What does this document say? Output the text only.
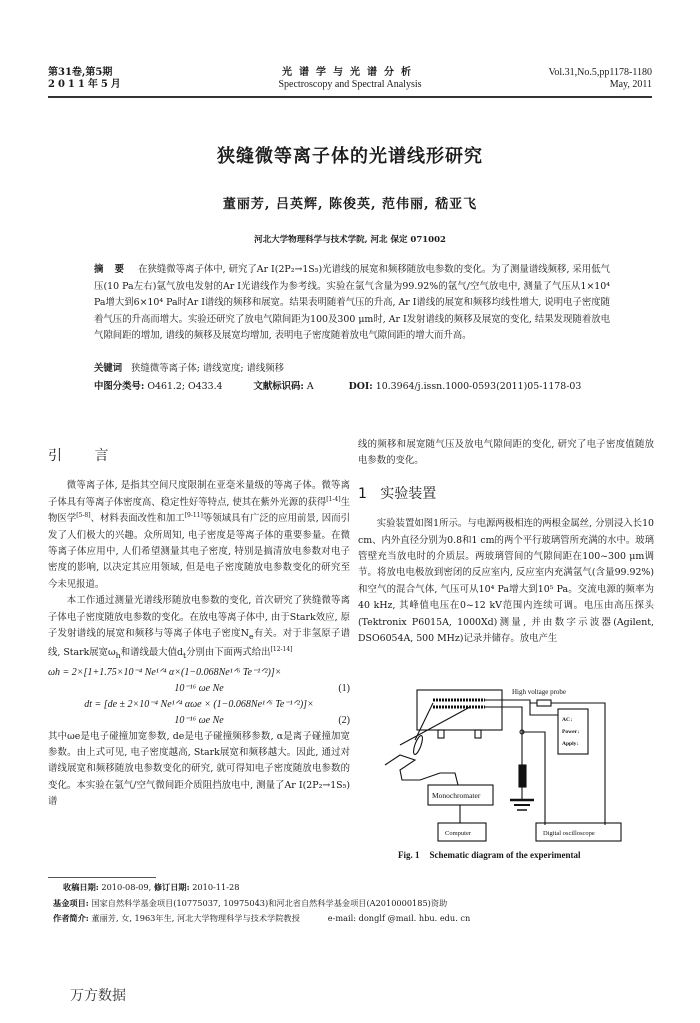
第31卷,第5期
2011年5月
光谱学与光谱分析
Spectroscopy and Spectral Analysis
Vol.31,No.5,pp1178-1180
May, 2011
狭缝微等离子体的光谱线形研究
董丽芳, 吕英辉, 陈俊英, 范伟丽, 嵇亚飞
河北大学物理科学与技术学院, 河北 保定 071002
摘 要 在狭缝微等离子体中, 研究了Ar Ⅰ(2P₂→1S₅)光谱线的展宽和频移随放电参数的变化。为了测量谱线频移, 采用低气压(10 Pa左右)氩气放电发射的Ar Ⅰ光谱线作为参考线。实验在氩气含量为99.92%的氩气/空气放电中, 测量了气压从1×10⁴ Pa增大到6×10⁴ Pa时Ar Ⅰ谱线的频移和展宽。结果表明随着气压的升高, Ar Ⅰ谱线的展宽和频移均线性增大, 说明电子密度随着气压的升高而增大。实验还研究了放电气隙间距为100及300 μm时, Ar Ⅰ发射谱线的频移及展宽的变化, 结果发现随着放电气隙间距的增加, 谱线的频移及展宽均增加, 表明电子密度随着放电气隙间距的增大而升高。
关键词 狭缝微等离子体; 谱线宽度; 谱线频移
中图分类号: O461.2; O433.4	文献标识码: A	DOI: 10.3964/j.issn.1000-0593(2011)05-1178-03
引 言
微等离子体, 是指其空间尺度限制在亚毫米量级的等离子体。微等离子体具有等离子体密度高、稳定性好等特点, 使其在紫外光源的获得[1-4]生物医学[5-8]、材料表面改性和加工[9-11]等领域具有广泛的应用前景, 因而引发了人们极大的兴趣。众所周知, 电子密度是等离子体的重要参量。在微等离子体应用中, 人们希望测量其电子密度, 特别是搞清放电参数对电子密度的影响, 以决定其应用领域, 但是电子密度随放电参数变化的研究至今未见报道。
本工作通过测量光谱线形随放电参数的变化, 首次研究了狭缝微等离子体电子密度随放电参数的变化。在放电等离子体中, 由于Stark效应, 原子发射谱线的展宽和频移与等离子体电子密度$N_e$有关。对于非氢原子谱线, Stark展宽$\omega_h$和谱线最大值$d_t$分别由下面两式给出[12-14]
ωh = 2×[1+1.75×10⁻⁴ Ne¹ᐟ⁴ α×(1−0.068Ne¹ᐟ⁶ Te⁻¹ᐟ²)]×
10⁻¹⁶ ωe Ne	(1)
dt = [de ± 2×10⁻⁴ Ne¹ᐟ⁴ αωe × (1−0.068Ne¹ᐟ⁶ Te⁻¹ᐟ²)]×
10⁻¹⁶ ωe Ne	(2)
其中ωe是电子碰撞加宽参数, de是电子碰撞频移参数, α是离子碰撞加宽参数。由上式可见, 电子密度越高, Stark展宽和频移越大。因此, 通过对谱线展宽和频移随放电参数变化的研究, 就可得知电子密度随放电参数的变化。本实验在氩气/空气微间距介质阻挡放电中, 测量了Ar Ⅰ(2P₂→1S₅)谱
线的频移和展宽随气压及放电气隙间距的变化, 研究了电子密度值随放电参数的变化。
1   实验装置
实验装置如图1所示。与电源两极相连的两根金属丝, 分别浸入长10 cm、内外直径分别为0.8和1 cm的两个平行玻璃管所充满的水中。玻璃管壁充当放电时的介质层。两玻璃管间的气隙间距在100~300 μm调节。将放电电极放到密闭的反应室内, 反应室内充满氩气(含量99.92%)和空气的混合气体, 气压可从10⁴ Pa增大到10⁵ Pa。交流电源的频率为40 kHz, 其峰值电压在0~12 kV范围内连续可调。电压由高压探头(Tektronix P6015A, 1000Xd)测量, 并由数字示波器(Agilent, DSO6054A, 500 MHz)记录并储存。放电产生
High voltage probe
AC↓
Power↓
Apply↓
Monochromater
Computer	Digital oscilloscope
Fig. 1 Schematic diagram of the experimental
收稿日期: 2010-08-09, 修订日期: 2010-11-28
基金项目: 国家自然科学基金项目(10775037, 10975043)和河北省自然科学基金项目(A2010000185)资助
作者简介: 董丽芳, 女, 1963年生, 河北大学物理科学与技术学院教授	e-mail: donglf @mail. hbu. edu. cn
万方数据
